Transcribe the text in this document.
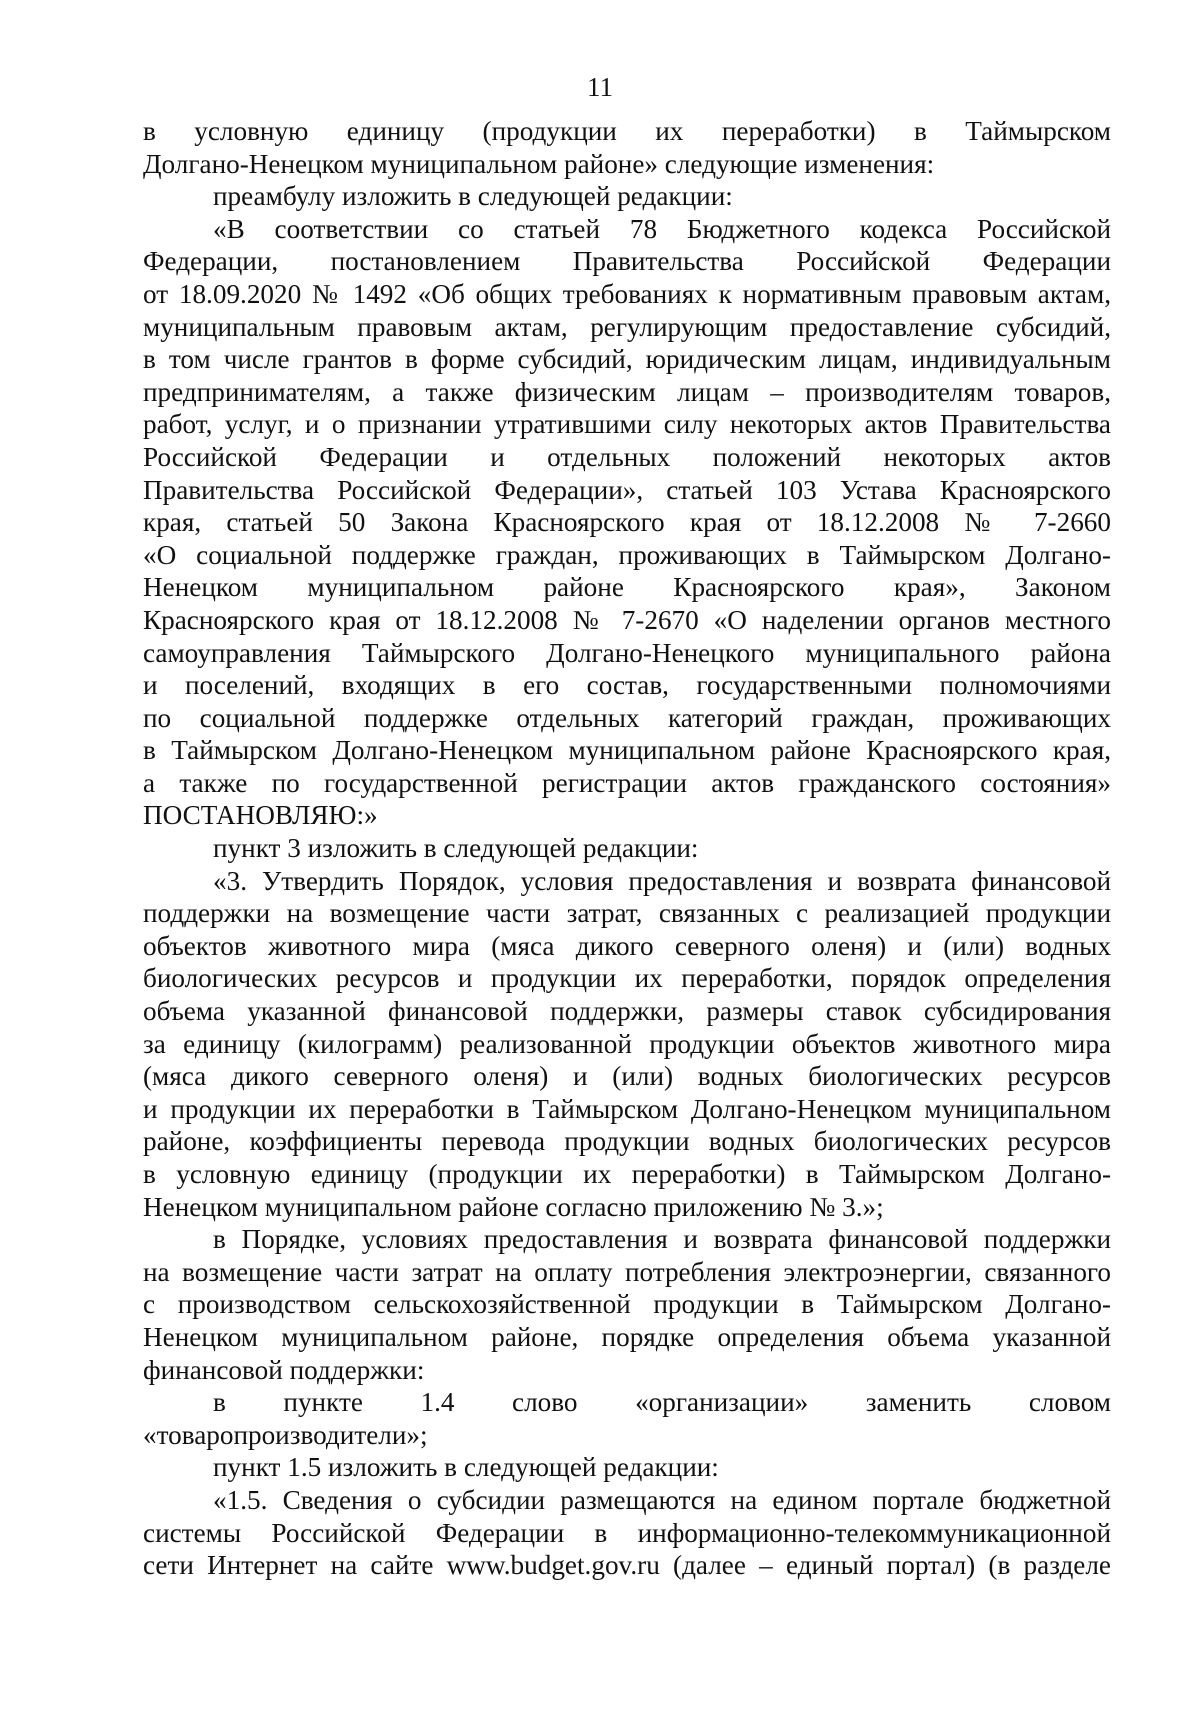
11
в условную единицу (продукции их переработки) в Таймырском
Долгано-Ненецком муниципальном районе» следующие изменения:
преамбулу изложить в следующей редакции:
«В соответствии со статьей 78 Бюджетного кодекса Российской
Федерации, постановлением Правительства Российской Федерации
от 18.09.2020 № 1492 «Об общих требованиях к нормативным правовым актам,
муниципальным правовым актам, регулирующим предоставление субсидий,
в том числе грантов в форме субсидий, юридическим лицам, индивидуальным
предпринимателям, а также физическим лицам – производителям товаров,
работ, услуг, и о признании утратившими силу некоторых актов Правительства
Российской Федерации и отдельных положений некоторых актов
Правительства Российской Федерации», статьей 103 Устава Красноярского
края, статьей 50 Закона Красноярского края от 18.12.2008 № 7-2660
«О социальной поддержке граждан, проживающих в Таймырском Долгано-
Ненецком муниципальном районе Красноярского края», Законом
Красноярского края от 18.12.2008 № 7-2670 «О наделении органов местного
самоуправления Таймырского Долгано-Ненецкого муниципального района
и поселений, входящих в его состав, государственными полномочиями
по социальной поддержке отдельных категорий граждан, проживающих
в Таймырском Долгано-Ненецком муниципальном районе Красноярского края,
а также по государственной регистрации актов гражданского состояния»
ПОСТАНОВЛЯЮ:»
пункт 3 изложить в следующей редакции:
«3. Утвердить Порядок, условия предоставления и возврата финансовой
поддержки на возмещение части затрат, связанных с реализацией продукции
объектов животного мира (мяса дикого северного оленя) и (или) водных
биологических ресурсов и продукции их переработки, порядок определения
объема указанной финансовой поддержки, размеры ставок субсидирования
за единицу (килограмм) реализованной продукции объектов животного мира
(мяса дикого северного оленя) и (или) водных биологических ресурсов
и продукции их переработки в Таймырском Долгано-Ненецком муниципальном
районе, коэффициенты перевода продукции водных биологических ресурсов
в условную единицу (продукции их переработки) в Таймырском Долгано-
Ненецком муниципальном районе согласно приложению № 3.»;
в Порядке, условиях предоставления и возврата финансовой поддержки
на возмещение части затрат на оплату потребления электроэнергии, связанного
с производством сельскохозяйственной продукции в Таймырском Долгано-
Ненецком муниципальном районе, порядке определения объема указанной
финансовой поддержки:
в пункте 1.4 слово «организации» заменить словом
«товаропроизводители»;
пункт 1.5 изложить в следующей редакции:
«1.5. Сведения о субсидии размещаются на едином портале бюджетной
системы Российской Федерации в информационно-телекоммуникационной
сети Интернет на сайте www.budget.gov.ru (далее – единый портал) (в разделе
